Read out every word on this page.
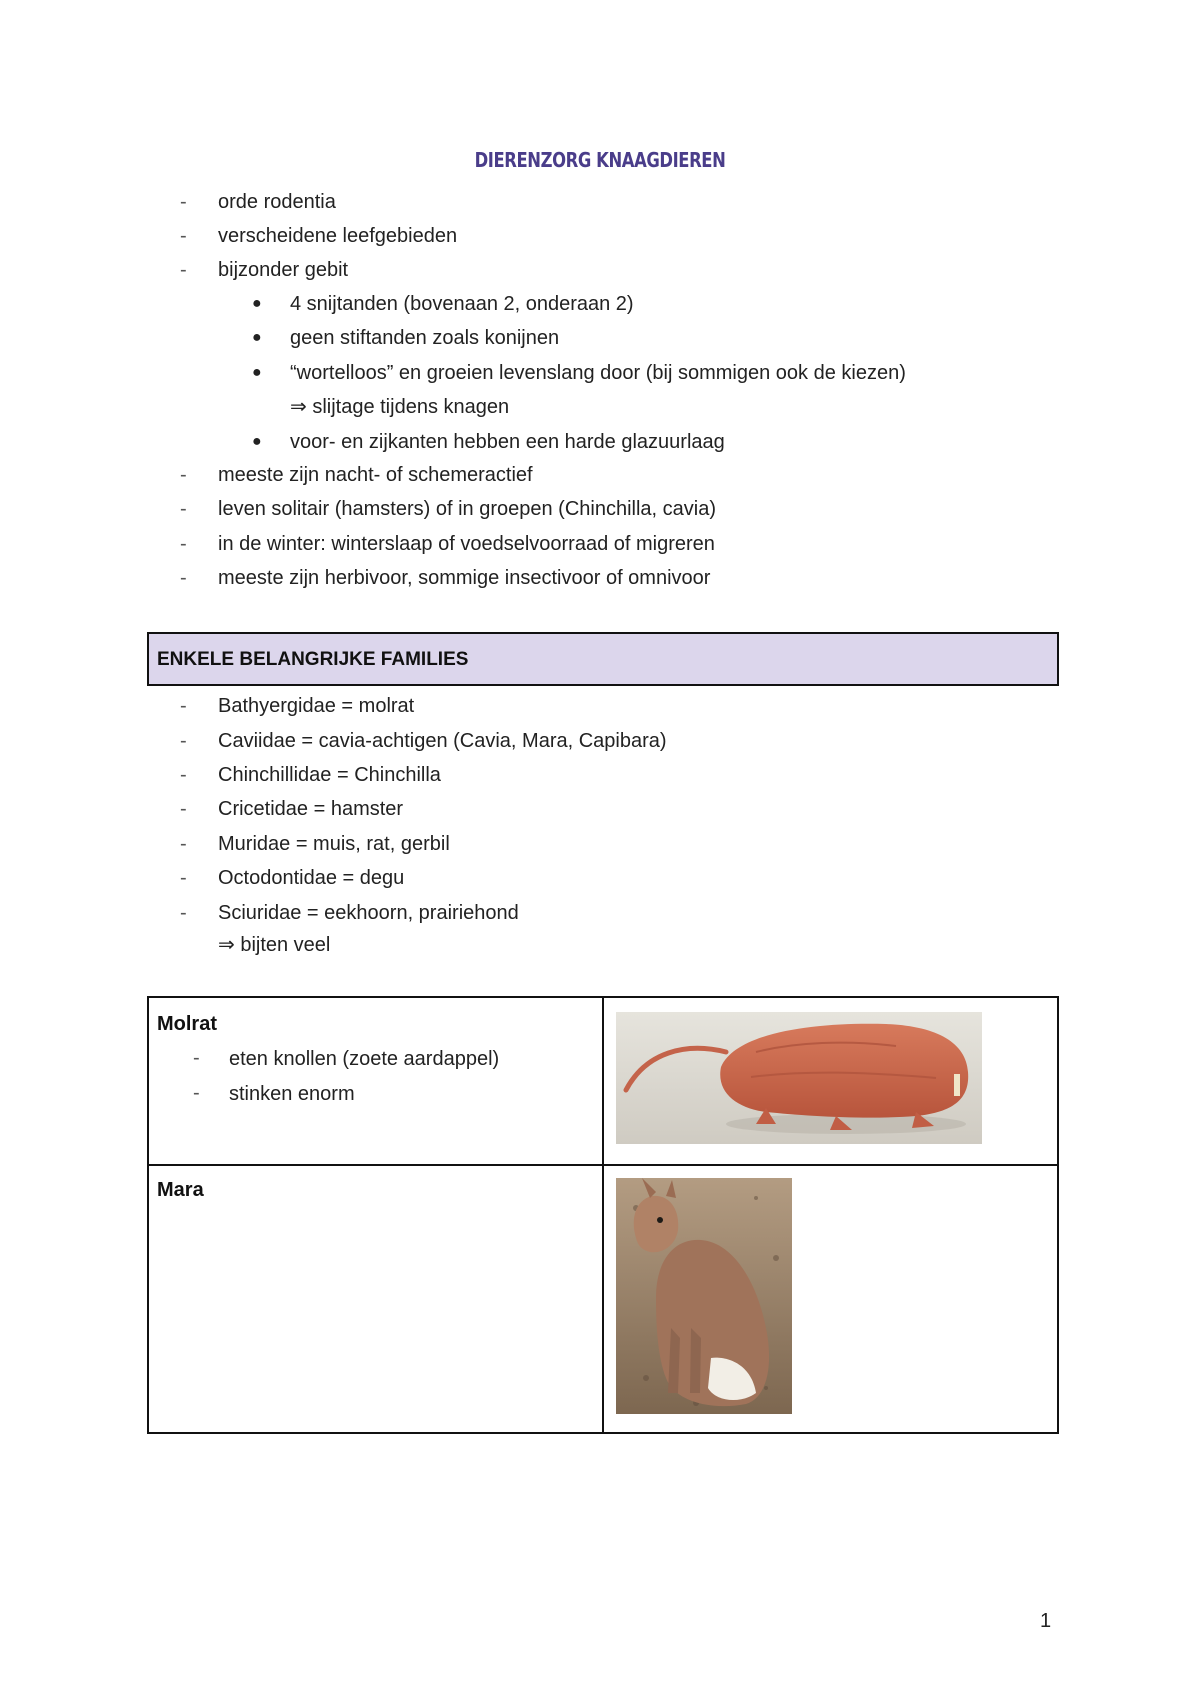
DIERENZORG KNAAGDIEREN
-	orde rodentia
-	verscheidene leefgebieden
-	bijzonder gebit
● 4 snijtanden (bovenaan 2, onderaan 2)
● geen stiftanden zoals konijnen
● “wortelloos” en groeien levenslang door (bij sommigen ook de kiezen)
⇒ slijtage tijdens knagen
● voor- en zijkanten hebben een harde glazuurlaag
-	meeste zijn nacht- of schemeractief
-	leven solitair (hamsters) of in groepen (Chinchilla, cavia)
-	in de winter: winterslaap of voedselvoorraad of migreren
-	meeste zijn herbivoor, sommige insectivoor of omnivoor
ENKELE BELANGRIJKE FAMILIES
-	Bathyergidae = molrat
-	Caviidae = cavia-achtigen (Cavia, Mara, Capibara)
-	Chinchillidae = Chinchilla
-	Cricetidae = hamster
-	Muridae = muis, rat, gerbil
-	Octodontidae = degu
-	Sciuridae = eekhoorn, prairiehond
⇒ bijten veel
Molrat
- eten knollen (zoete aardappel)
- stinken enorm
Mara
1
